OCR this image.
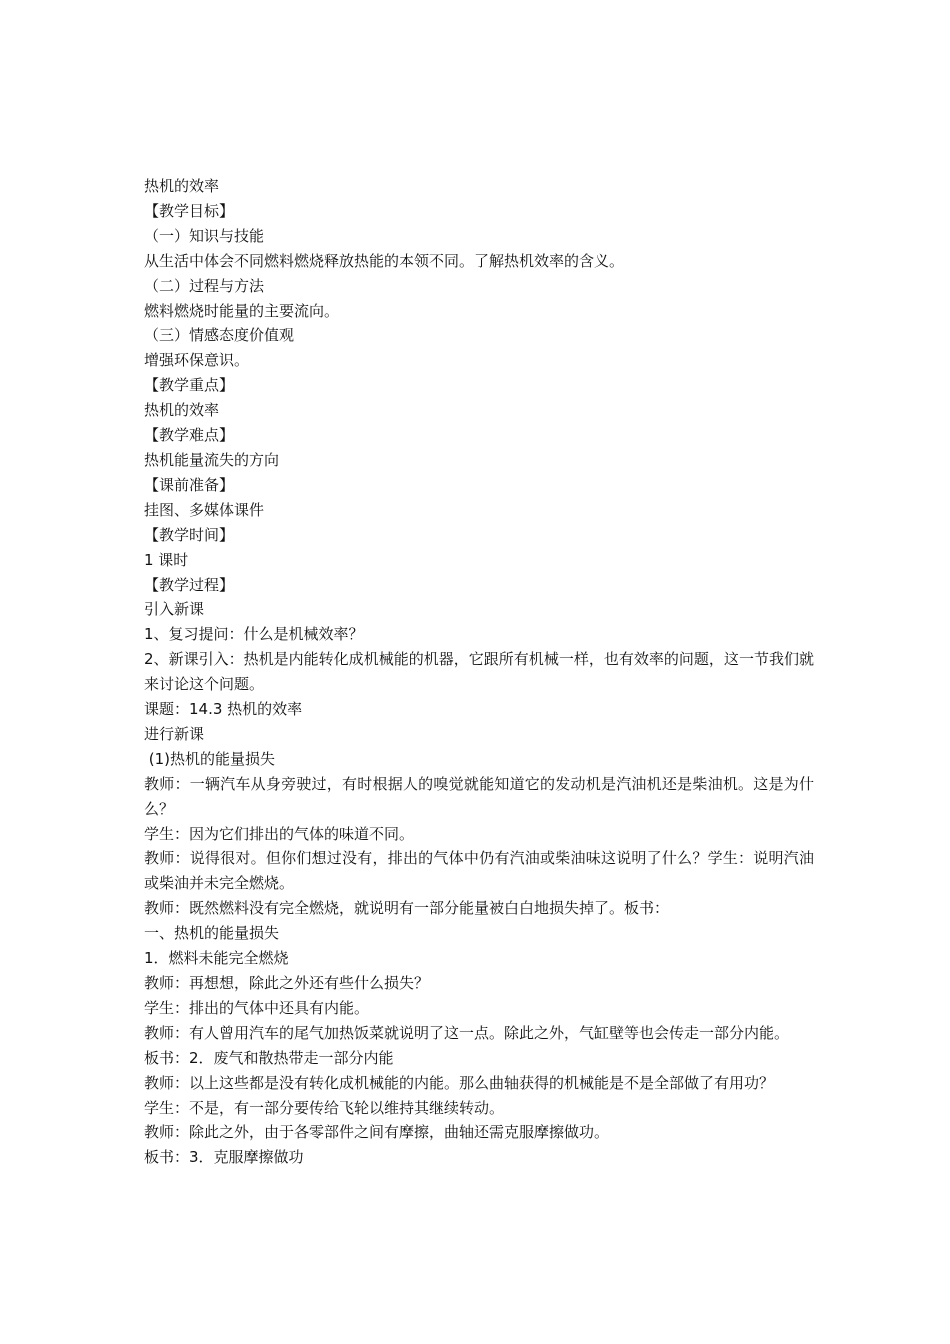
热机的效率

【教学目标】

（一）知识与技能

从生活中体会不同燃料燃烧释放热能的本领不同。了解热机效率的含义。

（二）过程与方法

燃料燃烧时能量的主要流向。

（三）情感态度价值观

增强环保意识。

【教学重点】

热机的效率

【教学难点】

热机能量流失的方向

【课前准备】

挂图、多媒体课件

【教学时间】

1 课时

【教学过程】

引入新课

1、复习提问：什么是机械效率？

2、新课引入：热机是内能转化成机械能的机器，它跟所有机械一样，也有效率的问题，这一节我们就来讨论这个问题。

课题：14.3 热机的效率

进行新课

(1)热机的能量损失

教师：一辆汽车从身旁驶过，有时根据人的嗅觉就能知道它的发动机是汽油机还是柴油机。这是为什么？

学生：因为它们排出的气体的味道不同。

教师：说得很对。但你们想过没有，排出的气体中仍有汽油或柴油味这说明了什么？学生：说明汽油或柴油并未完全燃烧。

教师：既然燃料没有完全燃烧，就说明有一部分能量被白白地损失掉了。板书：

一、热机的能量损失

1．燃料未能完全燃烧

教师：再想想，除此之外还有些什么损失？

学生：排出的气体中还具有内能。

教师：有人曾用汽车的尾气加热饭菜就说明了这一点。除此之外，气缸壁等也会传走一部分内能。

板书：2．废气和散热带走一部分内能

教师：以上这些都是没有转化成机械能的内能。那么曲轴获得的机械能是不是全部做了有用功？

学生：不是，有一部分要传给飞轮以维持其继续转动。

教师：除此之外，由于各零部件之间有摩擦，曲轴还需克服摩擦做功。

板书：3．克服摩擦做功
